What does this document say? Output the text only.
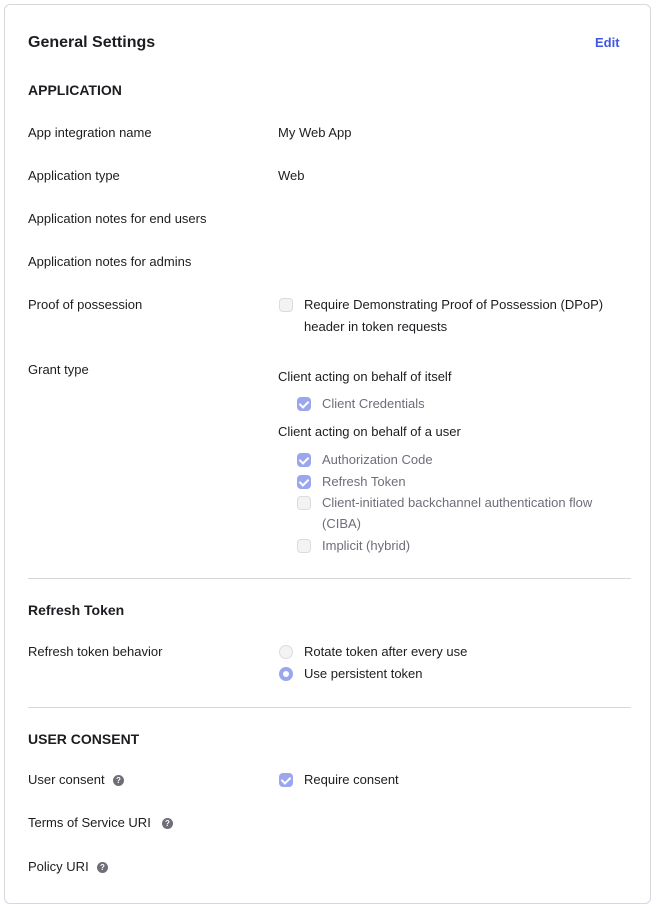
General Settings	Edit
APPLICATION
App integration name	My Web App
Application type	Web
Application notes for end users
Application notes for admins
Proof of possession	Require Demonstrating Proof of Possession (DPoP)
header in token requests
Grant type	Client acting on behalf of itself
Client Credentials
Client acting on behalf of a user
Authorization Code
Refresh Token
Client-initiated backchannel authentication flow
(CIBA)
Implicit (hybrid)
Refresh Token
Refresh token behavior	Rotate token after every use
Use persistent token
USER CONSENT
User consent	?	Require consent
Terms of Service URI	?
Policy URI	?
